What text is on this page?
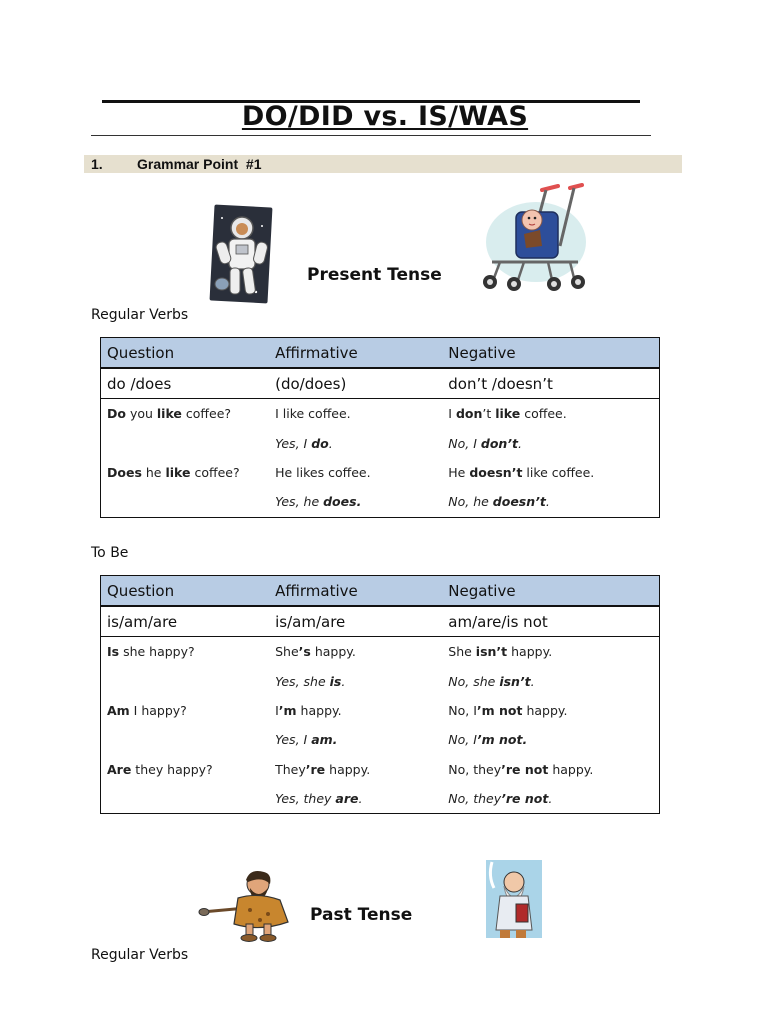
DO/DID vs. IS/WAS
1. Grammar Point  #1
Present Tense
Regular Verbs
Question	Affirmative	Negative
do /does	(do/does)	don’t /doesn’t
Do you like coffee?	I like coffee.	I don’t like coffee.
	Yes, I do.	No, I don’t.
Does he like coffee?	He likes coffee.	He doesn’t like coffee.
	Yes, he does.	No, he doesn’t.
To Be
Question	Affirmative	Negative
is/am/are	is/am/are	am/are/is not
Is she happy?	She’s happy.	She isn’t happy.
	Yes, she is.	No, she isn’t.
Am I happy?	I’m happy.	No, I’m not happy.
	Yes, I am.	No, I’m not.
Are they happy?	They’re happy.	No, they’re not happy.
	Yes, they are.	No, they’re not.
Past Tense
Regular Verbs
